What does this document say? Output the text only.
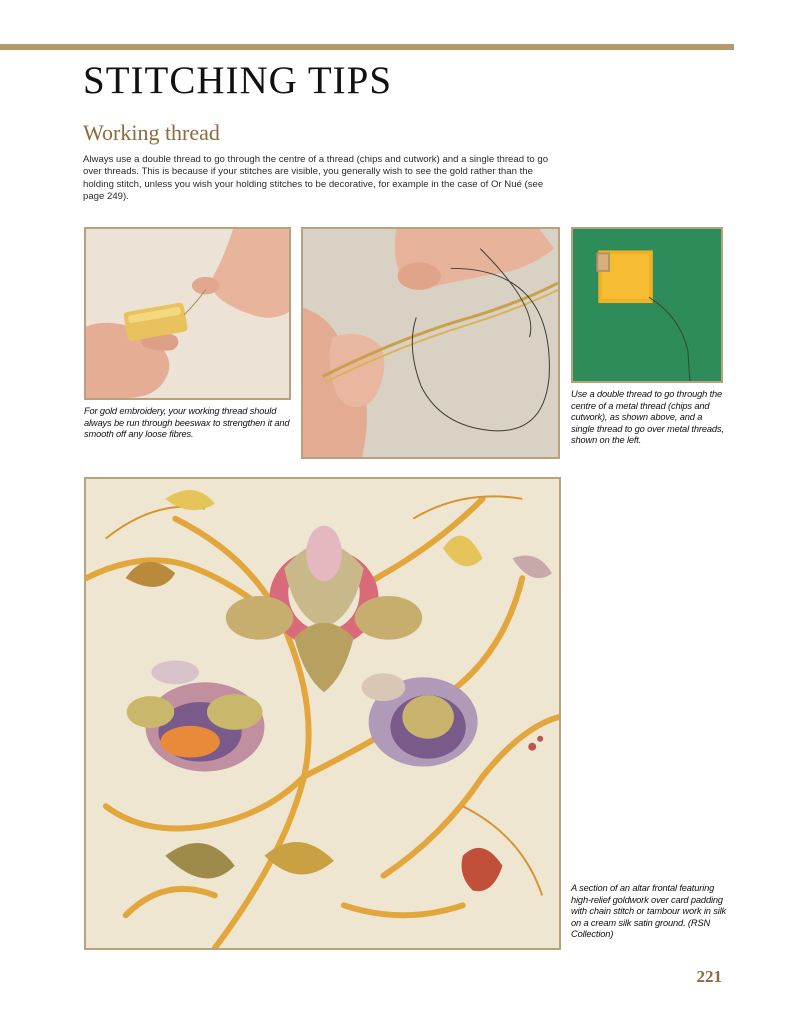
STITCHING TIPS
Working thread

Always use a double thread to go through the centre of a thread (chips and cutwork) and a single thread to go over threads. This is because if your stitches are visible, you generally wish to see the gold rather than the holding stitch, unless you wish your holding stitches to be decorative, for example in the case of Or Nué (see page 249).

For gold embroidery, your working thread should always be run through beeswax to strengthen it and smooth off any loose fibres.

Use a double thread to go through the centre of a metal thread (chips and cutwork), as shown above, and a single thread to go over metal threads, shown on the left.

A section of an altar frontal featuring high-relief goldwork over card padding with chain stitch or tambour work in silk on a cream silk satin ground. (RSN Collection)

221
